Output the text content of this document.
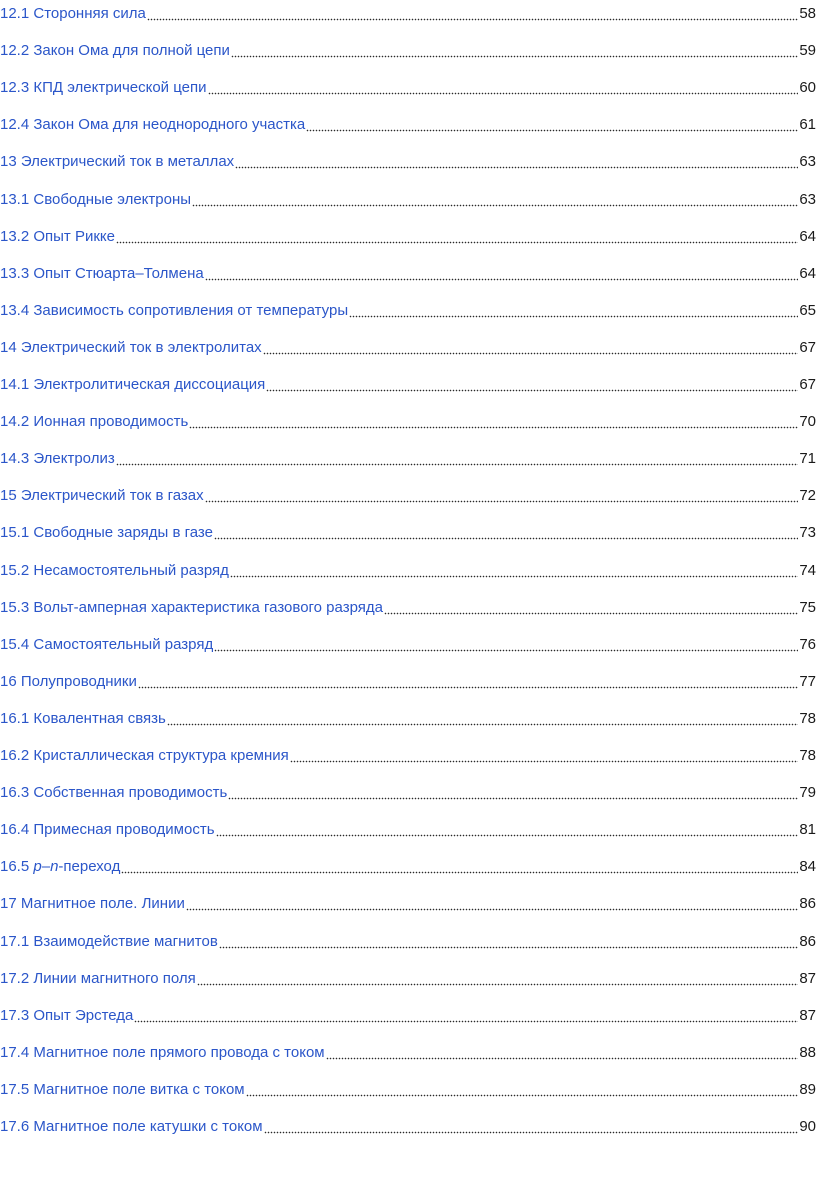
12.1 Сторонняя сила	58
12.2 Закон Ома для полной цепи	59
12.3 КПД электрической цепи	60
12.4 Закон Ома для неоднородного участка	61
13 Электрический ток в металлах	63
13.1 Свободные электроны	63
13.2 Опыт Рикке	64
13.3 Опыт Стюарта–Толмена	64
13.4 Зависимость сопротивления от температуры	65
14 Электрический ток в электролитах	67
14.1 Электролитическая диссоциация	67
14.2 Ионная проводимость	70
14.3 Электролиз	71
15 Электрический ток в газах	72
15.1 Свободные заряды в газе	73
15.2 Несамостоятельный разряд	74
15.3 Вольт-амперная характеристика газового разряда	75
15.4 Самостоятельный разряд	76
16 Полупроводники	77
16.1 Ковалентная связь	78
16.2 Кристаллическая структура кремния	78
16.3 Собственная проводимость	79
16.4 Примесная проводимость	81
16.5 p–n-переход	84
17 Магнитное поле. Линии	86
17.1 Взаимодействие магнитов	86
17.2 Линии магнитного поля	87
17.3 Опыт Эрстеда	87
17.4 Магнитное поле прямого провода с током	88
17.5 Магнитное поле витка с током	89
17.6 Магнитное поле катушки с током	90
